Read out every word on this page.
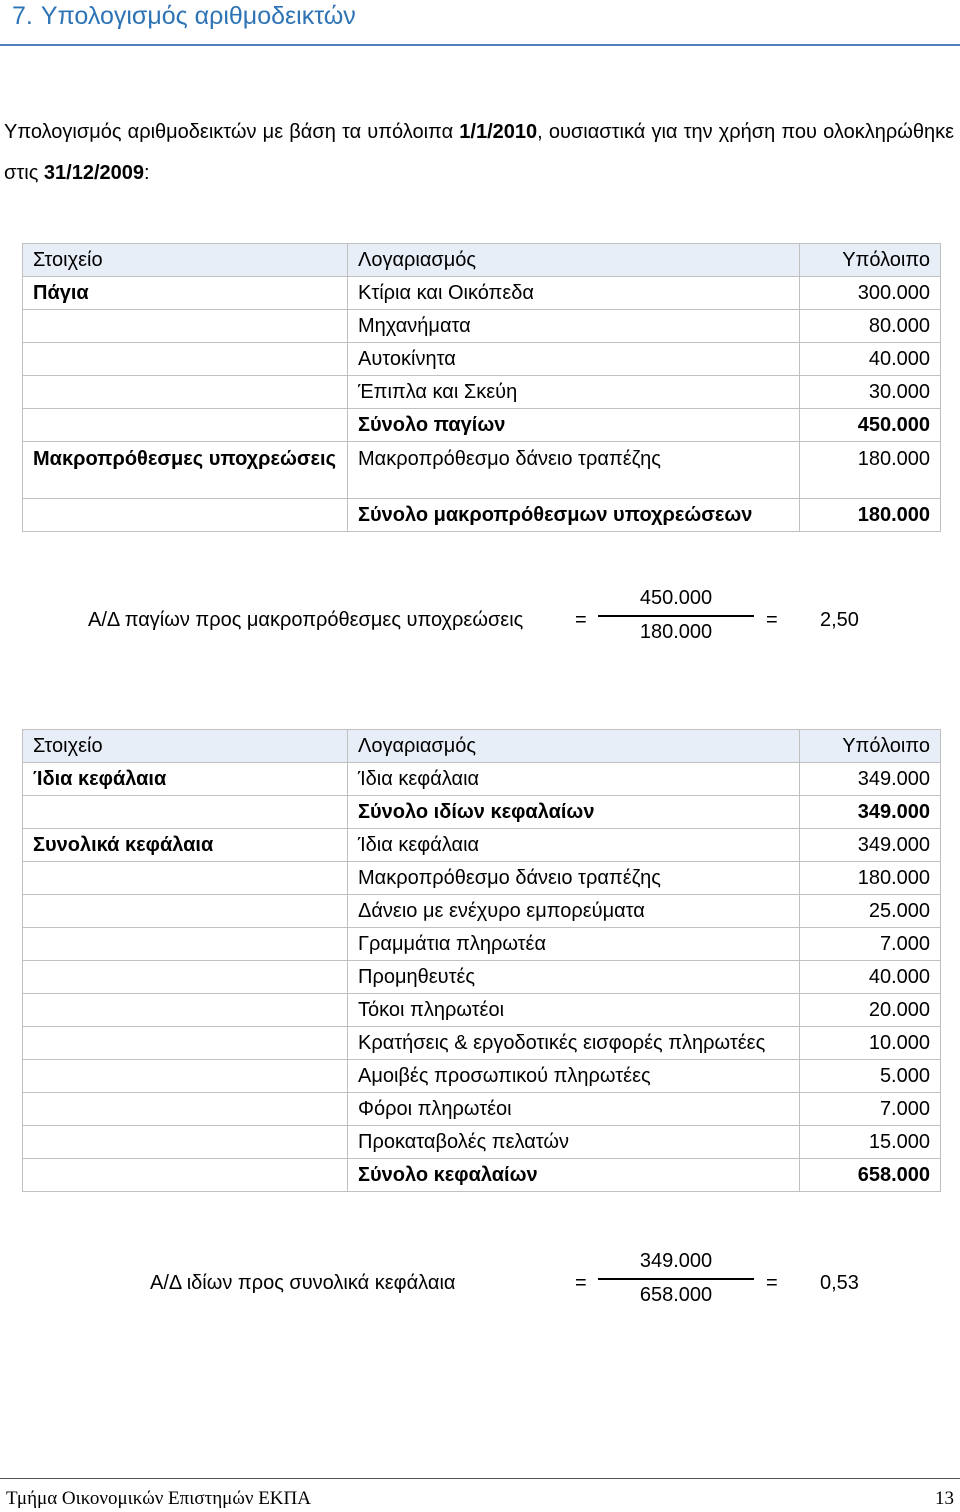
7. Υπολογισμός αριθμοδεικτών
Υπολογισμός αριθμοδεικτών με βάση τα υπόλοιπα 1/1/2010, ουσιαστικά για την χρήση που ολοκληρώθηκε στις 31/12/2009:
Στοιχείο	Λογαριασμός	Υπόλοιπο
Πάγια	Κτίρια και Οικόπεδα	300.000
	Μηχανήματα	80.000
	Αυτοκίνητα	40.000
	Έπιπλα και Σκεύη	30.000
	Σύνολο παγίων	450.000
Μακροπρόθεσμες υποχρεώσεις	Μακροπρόθεσμο δάνειο τραπέζης	180.000
	Σύνολο μακροπρόθεσμων υποχρεώσεων	180.000
Α/Δ παγίων προς μακροπρόθεσμες υποχρεώσεις	=
450.000
180.000
= 2,50
Στοιχείο	Λογαριασμός	Υπόλοιπο
Ίδια κεφάλαια	Ίδια κεφάλαια	349.000
	Σύνολο ιδίων κεφαλαίων	349.000
Συνολικά κεφάλαια	Ίδια κεφάλαια	349.000
	Μακροπρόθεσμο δάνειο τραπέζης	180.000
	Δάνειο με ενέχυρο εμπορεύματα	25.000
	Γραμμάτια πληρωτέα	7.000
	Προμηθευτές	40.000
	Τόκοι πληρωτέοι	20.000
	Κρατήσεις & εργοδοτικές εισφορές πληρωτέες	10.000
	Αμοιβές προσωπικού πληρωτέες	5.000
	Φόροι πληρωτέοι	7.000
	Προκαταβολές πελατών	15.000
	Σύνολο κεφαλαίων	658.000
Α/Δ ιδίων προς συνολικά κεφάλαια	=
349.000
658.000
= 0,53
Τμήμα Οικονομικών Επιστημών ΕΚΠΑ	13
